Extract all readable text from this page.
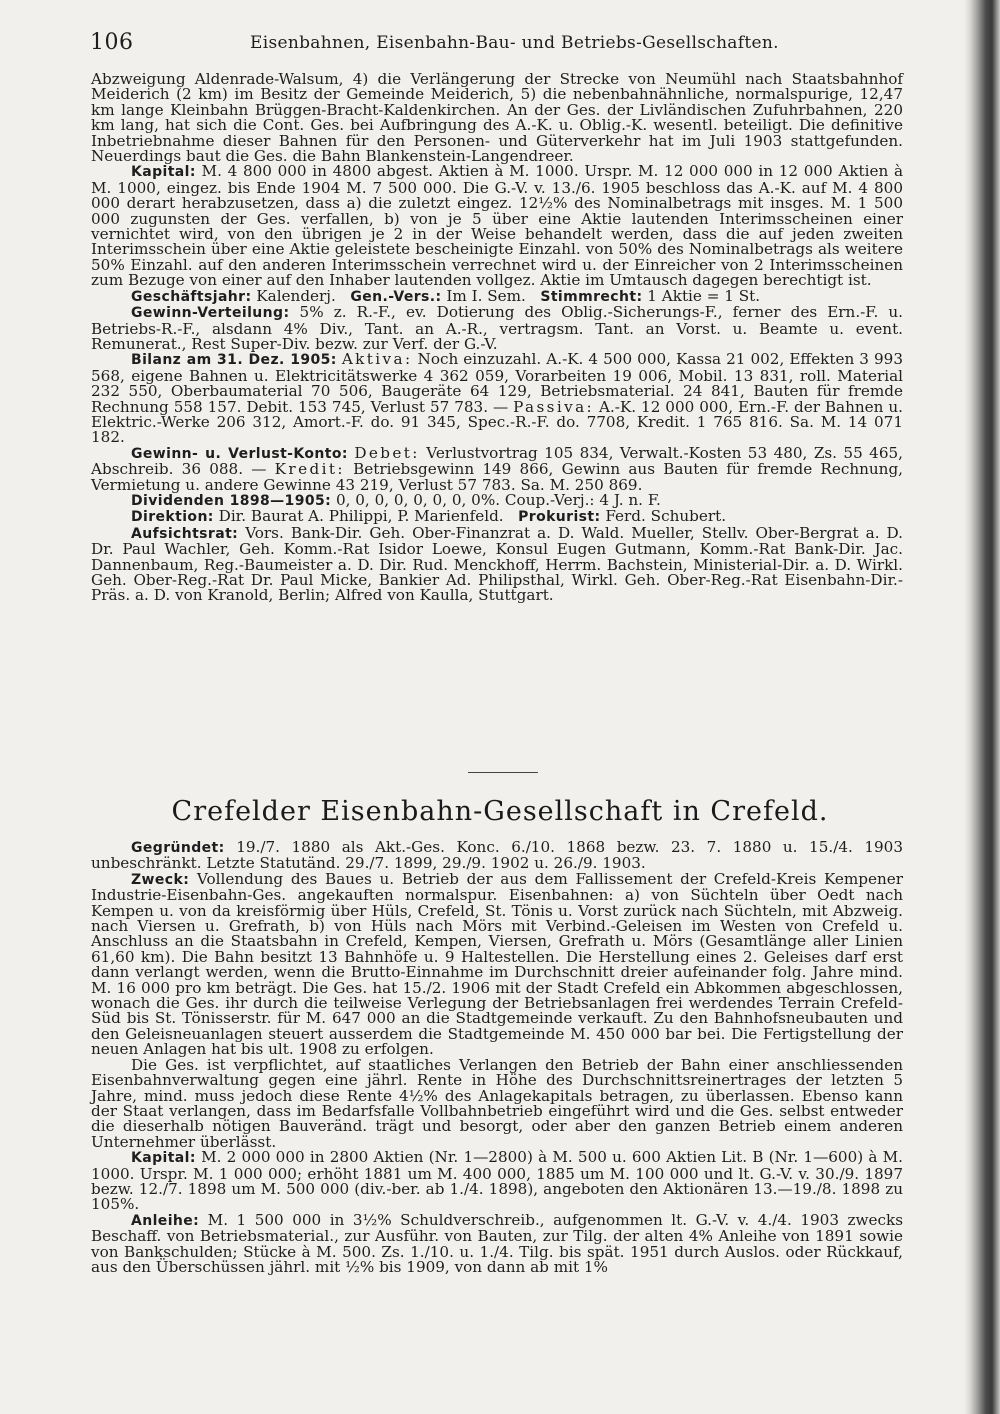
106	Eisenbahnen, Eisenbahn-Bau- und Betriebs-Gesellschaften.

Abzweigung Aldenrade-Walsum, 4) die Verlängerung der Strecke von Neumühl nach Staatsbahnhof Meiderich (2 km) im Besitz der Gemeinde Meiderich, 5) die nebenbahnähnliche, normalspurige, 12,47 km lange Kleinbahn Brüggen-Bracht-Kaldenkirchen. An der Ges. der Livländischen Zufuhrbahnen, 220 km lang, hat sich die Cont. Ges. bei Aufbringung des A.-K. u. Oblig.-K. wesentl. beteiligt. Die definitive Inbetriebnahme dieser Bahnen für den Personen- und Güterverkehr hat im Juli 1903 stattgefunden. Neuerdings baut die Ges. die Bahn Blankenstein-Langendreer.

Kapital: M. 4 800 000 in 4800 abgest. Aktien à M. 1000. Urspr. M. 12 000 000 in 12 000 Aktien à M. 1000, eingez. bis Ende 1904 M. 7 500 000. Die G.-V. v. 13./6. 1905 beschloss das A.-K. auf M. 4 800 000 derart herabzusetzen, dass a) die zuletzt eingez. 12½% des Nominalbetrags mit insges. M. 1 500 000 zugunsten der Ges. verfallen, b) von je 5 über eine Aktie lautenden Interimsscheinen einer vernichtet wird, von den übrigen je 2 in der Weise behandelt werden, dass die auf jeden zweiten Interimsschein über eine Aktie geleistete bescheinigte Einzahl. von 50% des Nominalbetrags als weitere 50% Einzahl. auf den anderen Interimsschein verrechnet wird u. der Einreicher von 2 Interimsscheinen zum Bezuge von einer auf den Inhaber lautenden vollgez. Aktie im Umtausch dagegen berechtigt ist.

Geschäftsjahr: Kalenderj. Gen.-Vers.: Im I. Sem. Stimmrecht: 1 Aktie = 1 St.

Gewinn-Verteilung: 5% z. R.-F., ev. Dotierung des Oblig.-Sicherungs-F., ferner des Ern.-F. u. Betriebs-R.-F., alsdann 4% Div., Tant. an A.-R., vertragsm. Tant. an Vorst. u. Beamte u. event. Remunerat., Rest Super-Div. bezw. zur Verf. der G.-V.

Bilanz am 31. Dez. 1905: Aktiva: Noch einzuzahl. A.-K. 4 500 000, Kassa 21 002, Effekten 3 993 568, eigene Bahnen u. Elektricitätswerke 4 362 059, Vorarbeiten 19 006, Mobil. 13 831, roll. Material 232 550, Oberbaumaterial 70 506, Baugeräte 64 129, Betriebsmaterial. 24 841, Bauten für fremde Rechnung 558 157. Debit. 153 745, Verlust 57 783. — Passiva: A.-K. 12 000 000, Ern.-F. der Bahnen u. Elektric.-Werke 206 312, Amort.-F. do. 91 345, Spec.-R.-F. do. 7708, Kredit. 1 765 816. Sa. M. 14 071 182.

Gewinn- u. Verlust-Konto: Debet: Verlustvortrag 105 834, Verwalt.-Kosten 53 480, Zs. 55 465, Abschreib. 36 088. — Kredit: Betriebsgewinn 149 866, Gewinn aus Bauten für fremde Rechnung, Vermietung u. andere Gewinne 43 219, Verlust 57 783. Sa. M. 250 869.

Dividenden 1898—1905: 0, 0, 0, 0, 0, 0, 0, 0%. Coup.-Verj.: 4 J. n. F.

Direktion: Dir. Baurat A. Philippi, P. Marienfeld. Prokurist: Ferd. Schubert.

Aufsichtsrat: Vors. Bank-Dir. Geh. Ober-Finanzrat a. D. Wald. Mueller, Stellv. Ober-Bergrat a. D. Dr. Paul Wachler, Geh. Komm.-Rat Isidor Loewe, Konsul Eugen Gutmann, Komm.-Rat Bank-Dir. Jac. Dannenbaum, Reg.-Baumeister a. D. Dir. Rud. Menckhoff, Herrm. Bachstein, Ministerial-Dir. a. D. Wirkl. Geh. Ober-Reg.-Rat Dr. Paul Micke, Bankier Ad. Philipsthal, Wirkl. Geh. Ober-Reg.-Rat Eisenbahn-Dir.-Präs. a. D. von Kranold, Berlin; Alfred von Kaulla, Stuttgart.

Crefelder Eisenbahn-Gesellschaft in Crefeld.

Gegründet: 19./7. 1880 als Akt.-Ges. Konc. 6./10. 1868 bezw. 23. 7. 1880 u. 15./4. 1903 unbeschränkt. Letzte Statutänd. 29./7. 1899, 29./9. 1902 u. 26./9. 1903.

Zweck: Vollendung des Baues u. Betrieb der aus dem Fallissement der Crefeld-Kreis Kempener Industrie-Eisenbahn-Ges. angekauften normalspur. Eisenbahnen: a) von Süchteln über Oedt nach Kempen u. von da kreisförmig über Hüls, Crefeld, St. Tönis u. Vorst zurück nach Süchteln, mit Abzweig. nach Viersen u. Grefrath, b) von Hüls nach Mörs mit Verbind.-Geleisen im Westen von Crefeld u. Anschluss an die Staatsbahn in Crefeld, Kempen, Viersen, Grefrath u. Mörs (Gesamtlänge aller Linien 61,60 km). Die Bahn besitzt 13 Bahnhöfe u. 9 Haltestellen. Die Herstellung eines 2. Geleises darf erst dann verlangt werden, wenn die Brutto-Einnahme im Durchschnitt dreier aufeinander folg. Jahre mind. M. 16 000 pro km beträgt. Die Ges. hat 15./2. 1906 mit der Stadt Crefeld ein Abkommen abgeschlossen, wonach die Ges. ihr durch die teilweise Verlegung der Betriebsanlagen frei werdendes Terrain Crefeld-Süd bis St. Tönisserstr. für M. 647 000 an die Stadtgemeinde verkauft. Zu den Bahnhofsneubauten und den Geleisneuanlagen steuert ausserdem die Stadtgemeinde M. 450 000 bar bei. Die Fertigstellung der neuen Anlagen hat bis ult. 1908 zu erfolgen.

Die Ges. ist verpflichtet, auf staatliches Verlangen den Betrieb der Bahn einer anschliessenden Eisenbahnverwaltung gegen eine jährl. Rente in Höhe des Durchschnittsreinertrages der letzten 5 Jahre, mind. muss jedoch diese Rente 4½% des Anlagekapitals betragen, zu überlassen. Ebenso kann der Staat verlangen, dass im Bedarfsfalle Vollbahnbetrieb eingeführt wird und die Ges. selbst entweder die dieserhalb nötigen Bauveränd. trägt und besorgt, oder aber den ganzen Betrieb einem anderen Unternehmer überlässt.

Kapital: M. 2 000 000 in 2800 Aktien (Nr. 1—2800) à M. 500 u. 600 Aktien Lit. B (Nr. 1—600) à M. 1000. Urspr. M. 1 000 000; erhöht 1881 um M. 400 000, 1885 um M. 100 000 und lt. G.-V. v. 30./9. 1897 bezw. 12./7. 1898 um M. 500 000 (div.-ber. ab 1./4. 1898), angeboten den Aktionären 13.—19./8. 1898 zu 105%.

Anleihe: M. 1 500 000 in 3½% Schuldverschreib., aufgenommen lt. G.-V. v. 4./4. 1903 zwecks Beschaff. von Betriebsmaterial., zur Ausführ. von Bauten, zur Tilg. der alten 4% Anleihe von 1891 sowie von Bankschulden; Stücke à M. 500. Zs. 1./10. u. 1./4. Tilg. bis spät. 1951 durch Auslos. oder Rückkauf, aus den Überschüssen jährl. mit ½% bis 1909, von dann ab mit 1%
